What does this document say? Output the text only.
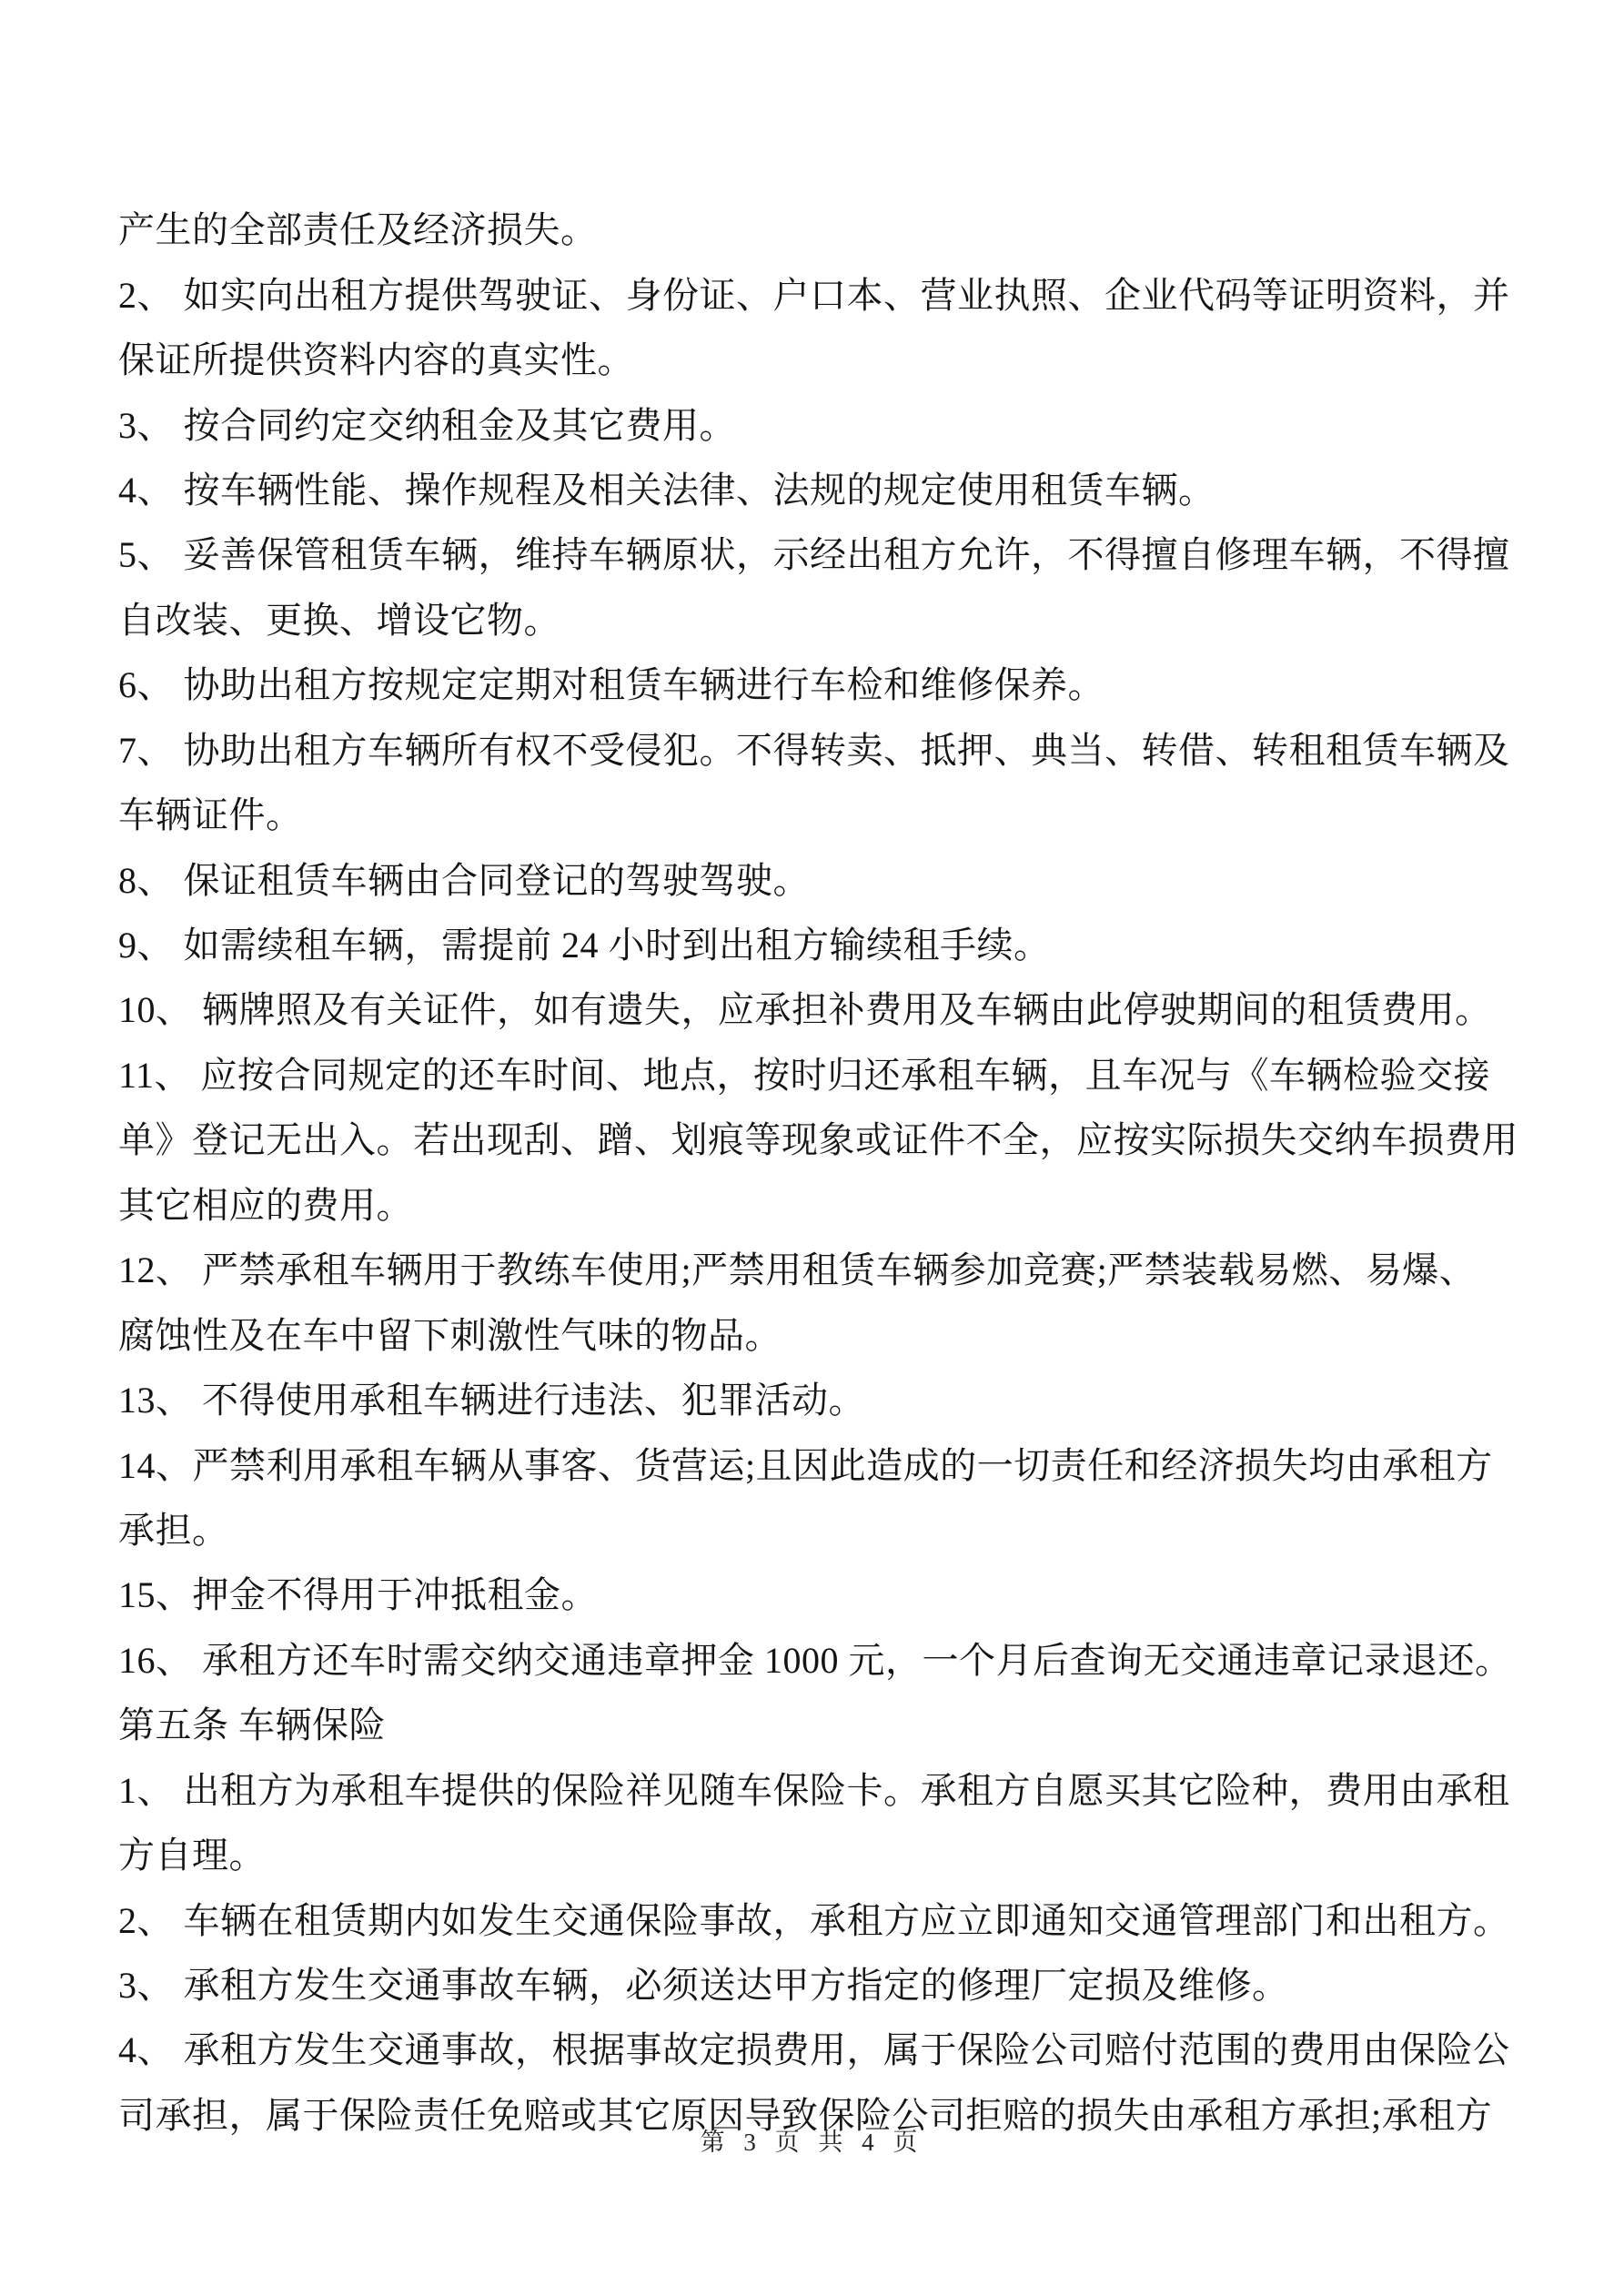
产生的全部责任及经济损失。
2、 如实向出租方提供驾驶证、身份证、户口本、营业执照、企业代码等证明资料，并
保证所提供资料内容的真实性。
3、 按合同约定交纳租金及其它费用。
4、 按车辆性能、操作规程及相关法律、法规的规定使用租赁车辆。
5、 妥善保管租赁车辆，维持车辆原状，示经出租方允许，不得擅自修理车辆，不得擅
自改装、更换、增设它物。
6、 协助出租方按规定定期对租赁车辆进行车检和维修保养。
7、 协助出租方车辆所有权不受侵犯。不得转卖、抵押、典当、转借、转租租赁车辆及
车辆证件。
8、 保证租赁车辆由合同登记的驾驶驾驶。
9、 如需续租车辆，需提前 24 小时到出租方输续租手续。
10、 辆牌照及有关证件，如有遗失，应承担补费用及车辆由此停驶期间的租赁费用。
11、 应按合同规定的还车时间、地点，按时归还承租车辆，且车况与《车辆检验交接
单》登记无出入。若出现刮、蹭、划痕等现象或证件不全，应按实际损失交纳车损费用
其它相应的费用。
12、 严禁承租车辆用于教练车使用;严禁用租赁车辆参加竞赛;严禁装载易燃、易爆、
腐蚀性及在车中留下刺激性气味的物品。
13、 不得使用承租车辆进行违法、犯罪活动。
14、严禁利用承租车辆从事客、货营运;且因此造成的一切责任和经济损失均由承租方
承担。
15、押金不得用于冲抵租金。
16、 承租方还车时需交纳交通违章押金 1000 元，一个月后查询无交通违章记录退还。
第五条 车辆保险
1、 出租方为承租车提供的保险祥见随车保险卡。承租方自愿买其它险种，费用由承租
方自理。
2、 车辆在租赁期内如发生交通保险事故，承租方应立即通知交通管理部门和出租方。
3、 承租方发生交通事故车辆，必须送达甲方指定的修理厂定损及维修。
4、 承租方发生交通事故，根据事故定损费用，属于保险公司赔付范围的费用由保险公
司承担，属于保险责任免赔或其它原因导致保险公司拒赔的损失由承租方承担;承租方
第 3 页 共 4 页
